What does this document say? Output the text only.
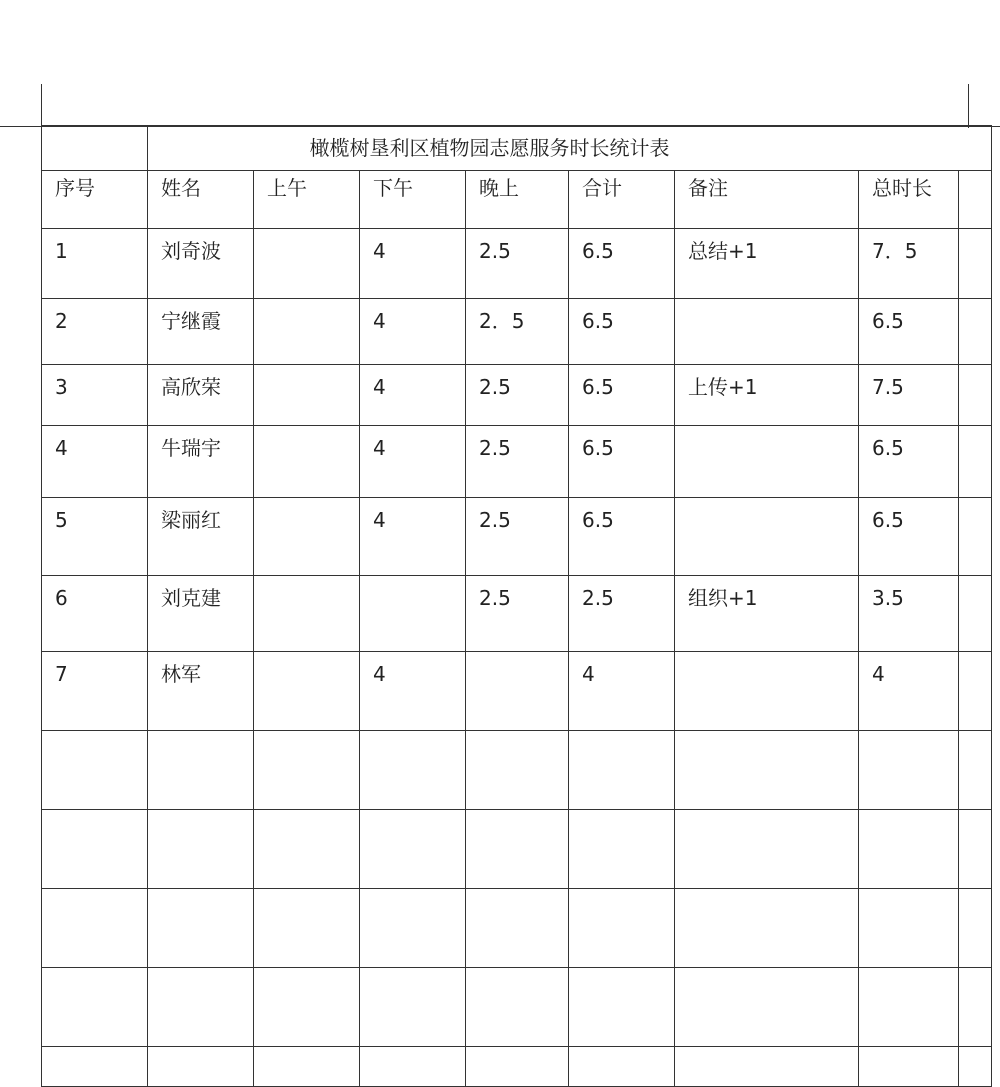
	橄榄树垦利区植物园志愿服务时长统计表							

序号	姓名	上午	下午	晚上	合计	备注	总时长	

1	刘奇波		4	2.5	6.5	总结+1	7．5	

2	宁继霞		4	2．5	6.5		6.5	

3	高欣荣		4	2.5	6.5	上传+1	7.5	

4	牛瑞宇		4	2.5	6.5		6.5	

5	梁丽红		4	2.5	6.5		6.5	

6	刘克建			2.5	2.5	组织+1	3.5	

7	林军		4		4		4	
